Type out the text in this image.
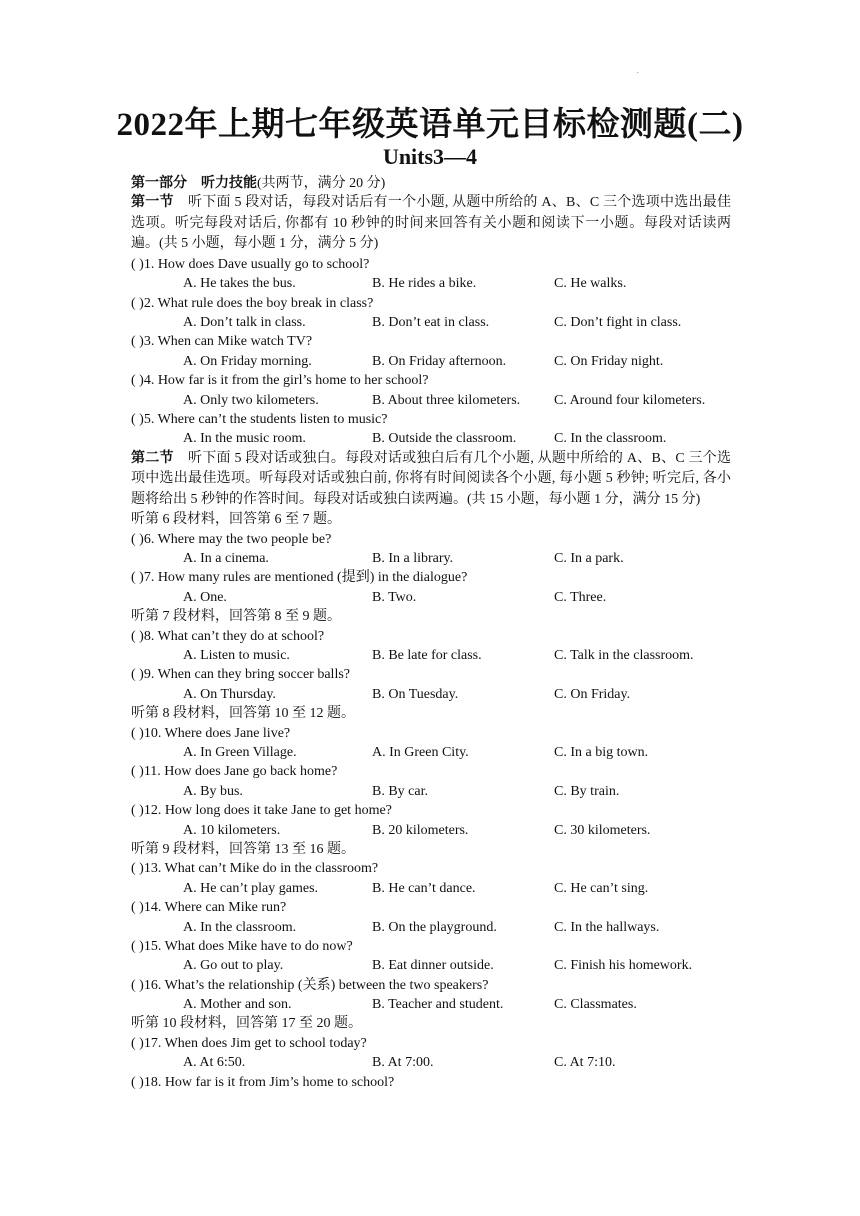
·
2022年上期七年级英语单元目标检测题(二)
Units3—4
第一部分　听力技能(共两节，满分 20 分)
第一节　 听下面 5 段对话，每段对话后有一个小题, 从题中所给的 A、B、C 三个选项中选出最佳选项。听完每段对话后, 你都有 10 秒钟的时间来回答有关小题和阅读下一小题。每段对话读两遍。(共 5 小题，每小题 1 分，满分 5 分)
( )1. How does Dave usually go to school?
A. He takes the bus.	B. He rides a bike.	C. He walks.
( )2. What rule does the boy break in class?
A. Don’t talk in class.	B. Don’t eat in class.	C. Don’t fight in class.
( )3. When can Mike watch TV?
A. On Friday morning.	B. On Friday afternoon.	C. On Friday night.
( )4. How far is it from the girl’s home to her school?
A. Only two kilometers.	B. About three kilometers. C. Around four kilometers.
( )5. Where can’t the students listen to music?
A. In the music room.	B. Outside the classroom.	C. In the classroom.
第二节　 听下面 5 段对话或独白。每段对话或独白后有几个小题, 从题中所给的 A、B、C 三个选项中选出最佳选项。听每段对话或独白前, 你将有时间阅读各个小题, 每小题 5 秒钟; 听完后, 各小题将给出 5 秒钟的作答时间。每段对话或独白读两遍。(共 15 小题，每小题 1 分，满分 15 分)
听第 6 段材料，回答第 6 至 7 题。
( )6. Where may the two people be?
A. In a cinema.	B. In a library.	C. In a park.
( )7. How many rules are mentioned (提到) in the dialogue?
A. One.	B. Two.	C. Three.
听第 7 段材料，回答第 8 至 9 题。
( )8. What can’t they do at school?
A. Listen to music.	B. Be late for class.	C. Talk in the classroom.
( )9. When can they bring soccer balls?
A. On Thursday.	B. On Tuesday.	C. On Friday.
听第 8 段材料，回答第 10 至 12 题。
( )10. Where does Jane live?
A. In Green Village.	A. In Green City.	C. In a big town.
( )11. How does Jane go back home?
A. By bus.	B. By car.	C. By train.
( )12. How long does it take Jane to get home?
A. 10 kilometers.	B. 20 kilometers.	C. 30 kilometers.
听第 9 段材料，回答第 13 至 16 题。
( )13. What can’t Mike do in the classroom?
A. He can’t play games.	B. He can’t dance.	C. He can’t sing.
( )14. Where can Mike run?
A. In the classroom.	B. On the playground.	C. In the hallways.
( )15. What does Mike have to do now?
A. Go out to play.	B. Eat dinner outside.	C. Finish his homework.
( )16. What’s the relationship (关系) between the two speakers?
A. Mother and son.	B. Teacher and student.	C. Classmates.
听第 10 段材料，回答第 17 至 20 题。
( )17. When does Jim get to school today?
A. At 6:50.	B. At 7:00.	C. At 7:10.
( )18. How far is it from Jim’s home to school?
